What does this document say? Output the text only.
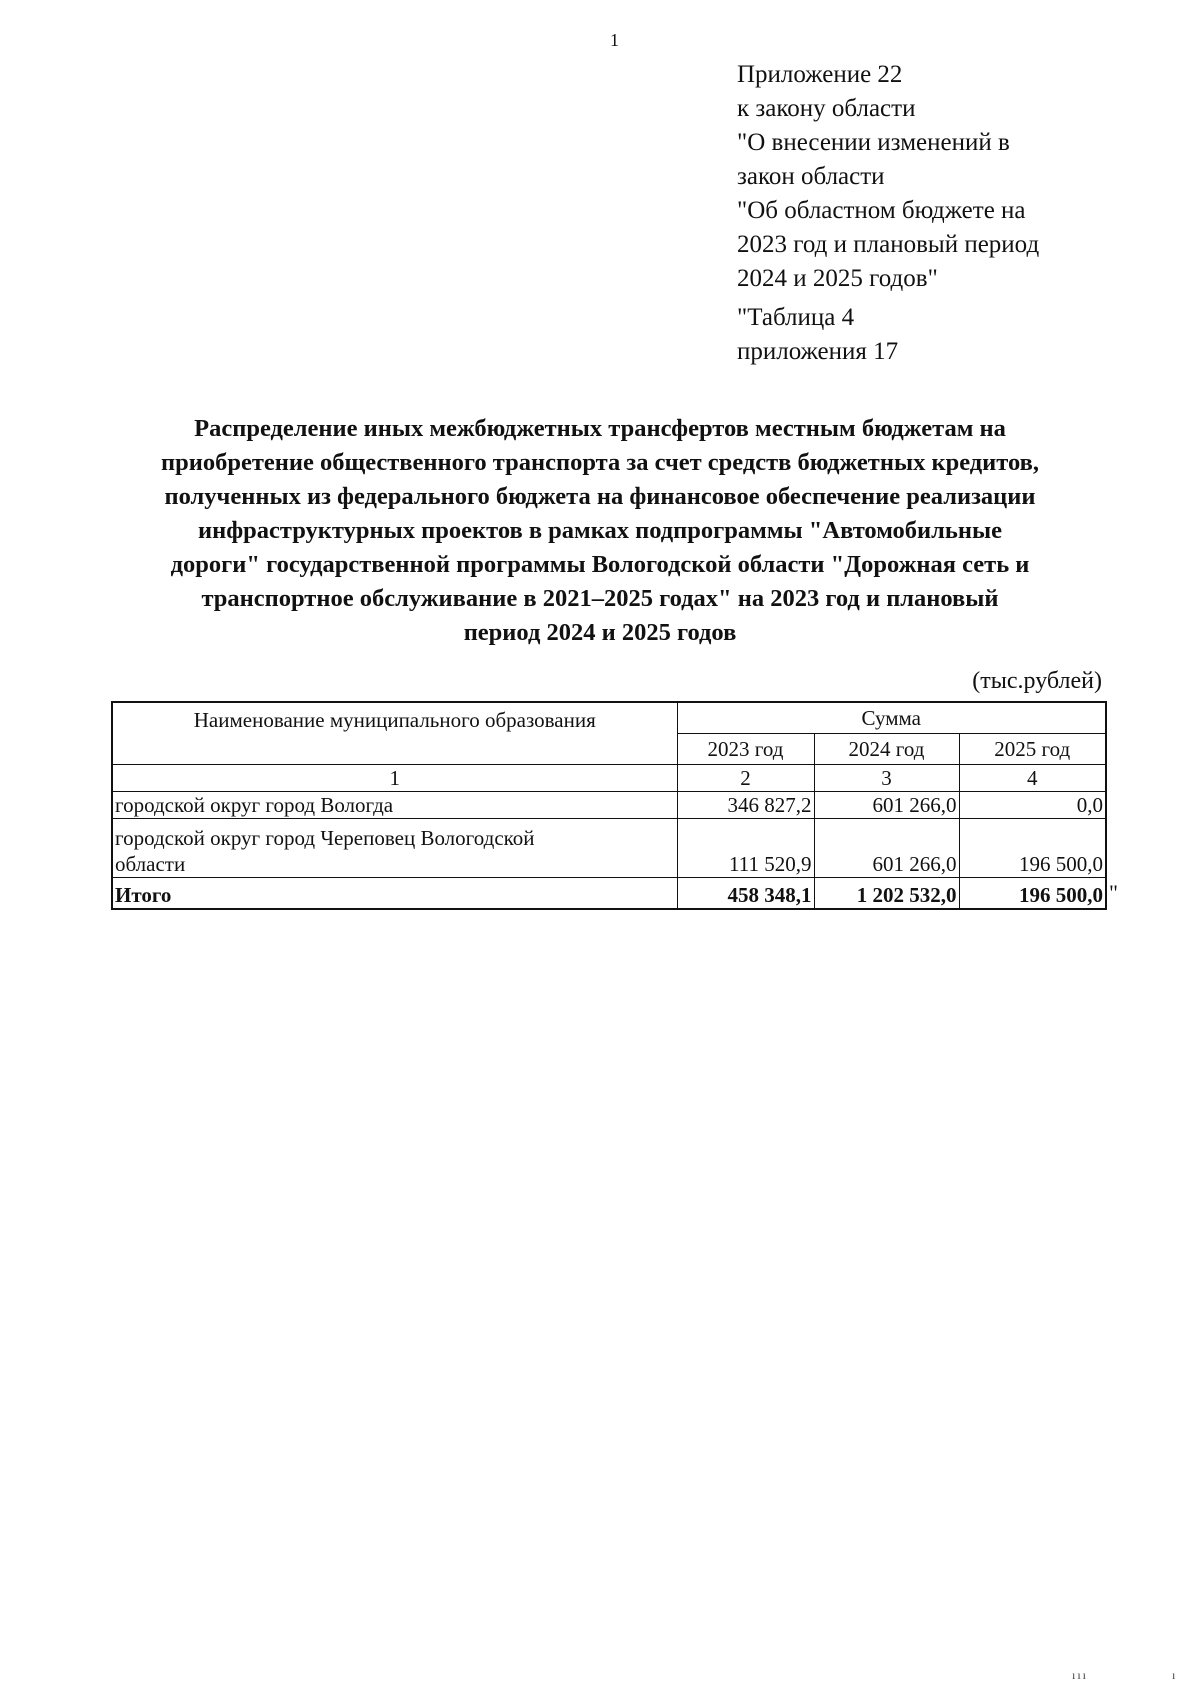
1
Приложение 22
к закону области
"О внесении изменений в
закон области
"Об областном бюджете на
2023 год и плановый период
2024 и 2025 годов"
"Таблица 4
приложения 17
Распределение иных межбюджетных трансфертов местным бюджетам на
приобретение общественного транспорта за счет средств бюджетных кредитов,
полученных из федерального бюджета на финансовое обеспечение реализации
инфраструктурных проектов в рамках подпрограммы "Автомобильные
дороги" государственной программы Вологодской области "Дорожная сеть и
транспортное обслуживание в 2021–2025 годах" на 2023 год и плановый
период 2024 и 2025 годов
(тыс.рублей)
Наименование муниципального образования	Сумма		
	2023 год	2024 год	2025 год
1	2	3	4
городской округ город Вологда	346 827,2	601 266,0	0,0

городской округ город Череповец Вологодской
области	111 520,9	601 266,0	196 500,0
Итого	458 348,1	1 202 532,0	196 500,0 "
ııı	ı
